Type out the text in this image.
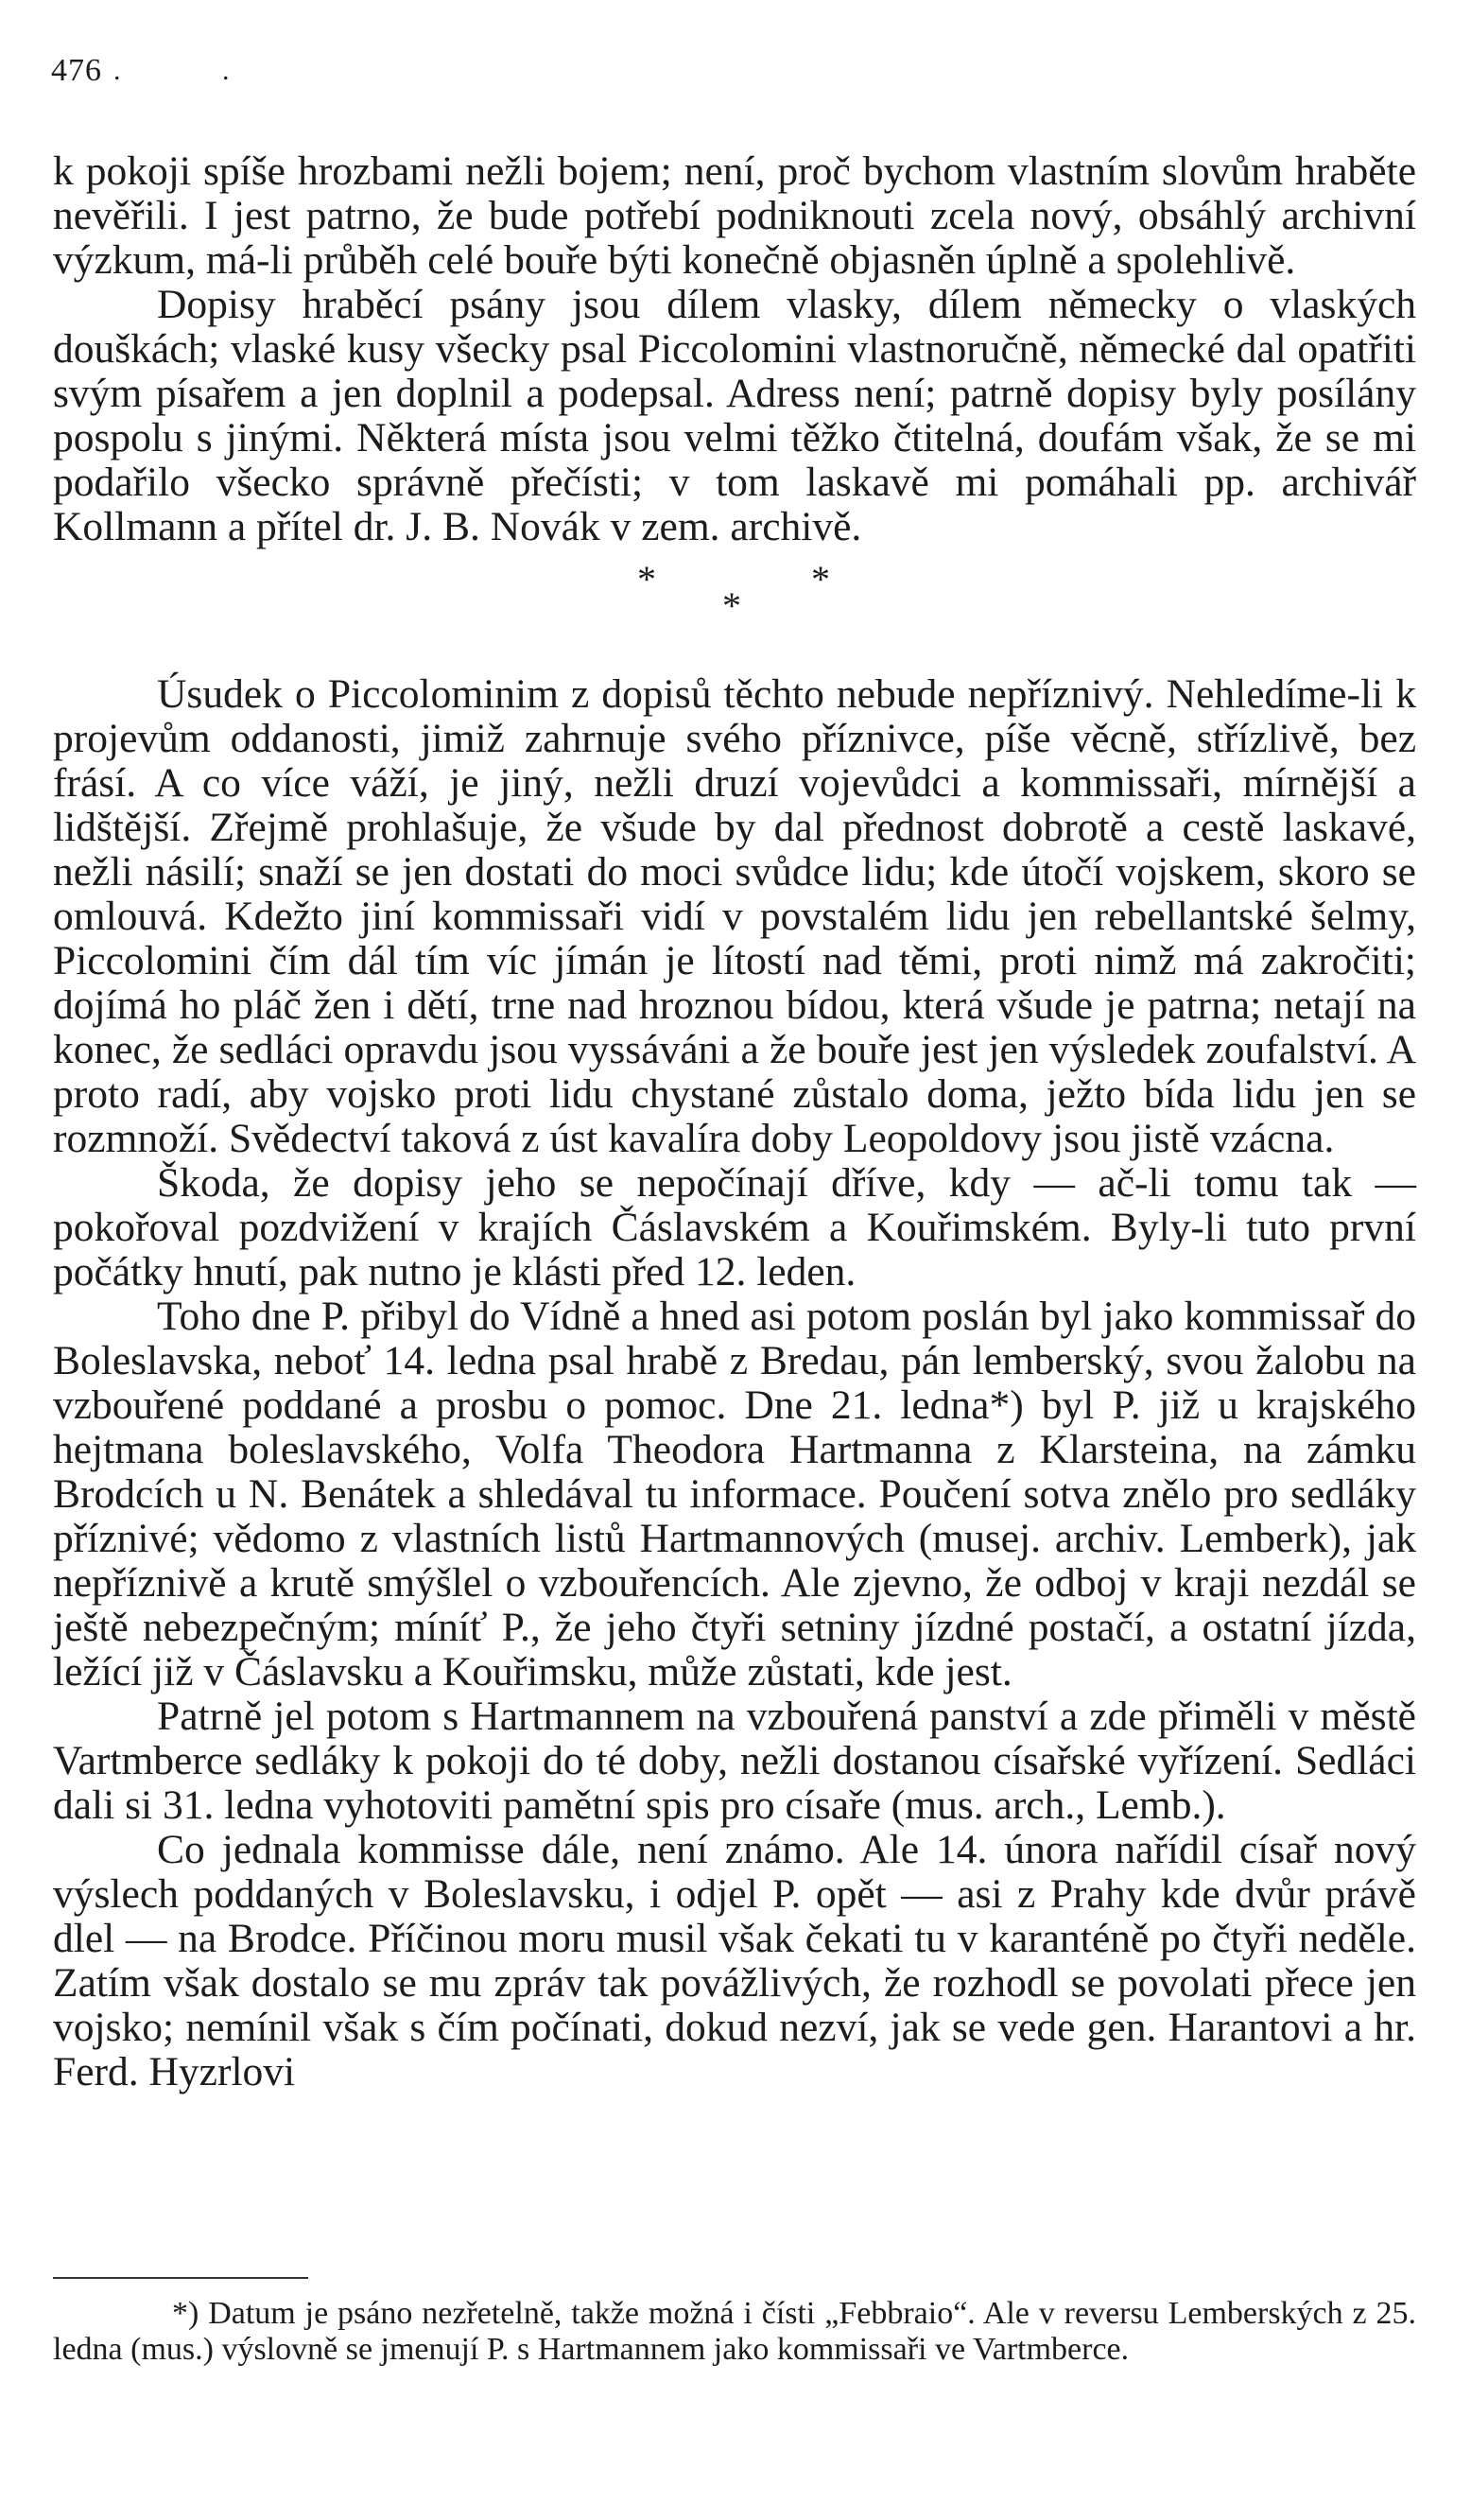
476 . .

k pokoji spíše hrozbami nežli bojem; není, proč bychom vlastním slovům hraběte nevěřili. I jest patrno, že bude potřebí podniknouti zcela nový, obsáhlý archivní výzkum, má-li průběh celé bouře býti konečně objasněn úplně a spolehlivě.

Dopisy hraběcí psány jsou dílem vlasky, dílem německy o vlaských douškách; vlaské kusy všecky psal Piccolomini vlastnoručně, německé dal opatřiti svým písařem a jen doplnil a podepsal. Adress není; patrně dopisy byly posílány pospolu s jinými. Některá místa jsou velmi těžko čtitelná, doufám však, že se mi podařilo všecko správně přečísti; v tom laskavě mi pomáhali pp. archivář Kollmann a přítel dr. J. B. Novák v zem. archivě.

*
*
*

Úsudek o Piccolominim z dopisů těchto nebude nepříznivý. Nehledíme-li k projevům oddanosti, jimiž zahrnuje svého příznivce, píše věcně, střízlivě, bez frásí. A co více váží, je jiný, nežli druzí vojevůdci a kommissaři, mírnější a lidštější. Zřejmě prohlašuje, že všude by dal přednost dobrotě a cestě laskavé, nežli násilí; snaží se jen dostati do moci svůdce lidu; kde útočí vojskem, skoro se omlouvá. Kdežto jiní kommissaři vidí v povstalém lidu jen rebellantské šelmy, Piccolomini čím dál tím víc jímán je lítostí nad těmi, proti nimž má zakročiti; dojímá ho pláč žen i dětí, trne nad hroznou bídou, která všude je patrna; netají na konec, že sedláci opravdu jsou vyssáváni a že bouře jest jen výsledek zoufalství. A proto radí, aby vojsko proti lidu chystané zůstalo doma, ježto bída lidu jen se rozmnoží. Svědectví taková z úst kavalíra doby Leopoldovy jsou jistě vzácna.

Škoda, že dopisy jeho se nepočínají dříve, kdy — ač-li tomu tak — pokořoval pozdvižení v krajích Čáslavském a Kouřimském. Byly-li tuto první počátky hnutí, pak nutno je klásti před 12. leden.

Toho dne P. přibyl do Vídně a hned asi potom poslán byl jako kommissař do Boleslavska, neboť 14. ledna psal hrabě z Bredau, pán lemberský, svou žalobu na vzbouřené poddané a prosbu o pomoc. Dne 21. ledna*) byl P. již u krajského hejtmana boleslavského, Volfa Theodora Hartmanna z Klarsteina, na zámku Brodcích u N. Benátek a shledával tu informace. Poučení sotva znělo pro sedláky příznivé; vědomo z vlastních listů Hartmannových (musej. archiv. Lemberk), jak nepříznivě a krutě smýšlel o vzbouřencích. Ale zjevno, že odboj v kraji nezdál se ještě nebezpečným; míníť P., že jeho čtyři setniny jízdné postačí, a ostatní jízda, ležící již v Čáslavsku a Kouřimsku, může zůstati, kde jest.

Patrně jel potom s Hartmannem na vzbouřená panství a zde přiměli v městě Vartmberce sedláky k pokoji do té doby, nežli dostanou císařské vyřízení. Sedláci dali si 31. ledna vyhotoviti pamětní spis pro císaře (mus. arch., Lemb.).

Co jednala kommisse dále, není známo. Ale 14. února nařídil císař nový výslech poddaných v Boleslavsku, i odjel P. opět — asi z Prahy kde dvůr právě dlel — na Brodce. Příčinou moru musil však čekati tu v karanténě po čtyři neděle. Zatím však dostalo se mu zpráv tak povážlivých, že rozhodl se povolati přece jen vojsko; nemínil však s čím počínati, dokud nezví, jak se vede gen. Harantovi a hr. Ferd. Hyzrlovi

*) Datum je psáno nezřetelně, takže možná i čísti „Febbraio“. Ale v reversu Lemberských z 25. ledna (mus.) výslovně se jmenují P. s Hartmannem jako kommissaři ve Vartmberce.
